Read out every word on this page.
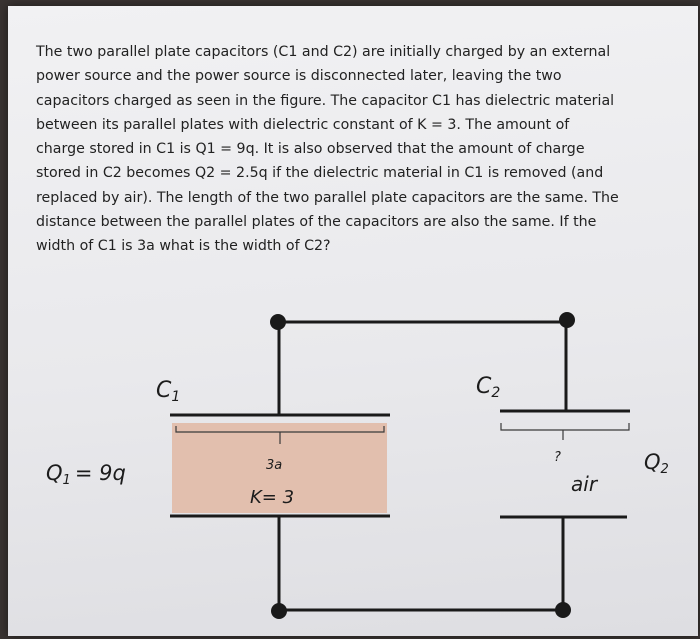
The two parallel plate capacitors (C1 and C2) are initially charged by an external
power source and the power source is disconnected later, leaving the two
capacitors charged as seen in the figure. The capacitor C1 has dielectric material
between its parallel plates with dielectric constant of K = 3. The amount of
charge stored in C1 is Q1 = 9q. It is also observed that the amount of charge
stored in C2 becomes Q2 = 2.5q if the dielectric material in C1 is removed (and
replaced by air). The length of the two parallel plate capacitors are the same. The
distance between the parallel plates of the capacitors are also the same. If the
width of C1 is 3a what is the width of C2?
C1	C2
Q1 = 9q	Q2
3a
K= 3
?
air
